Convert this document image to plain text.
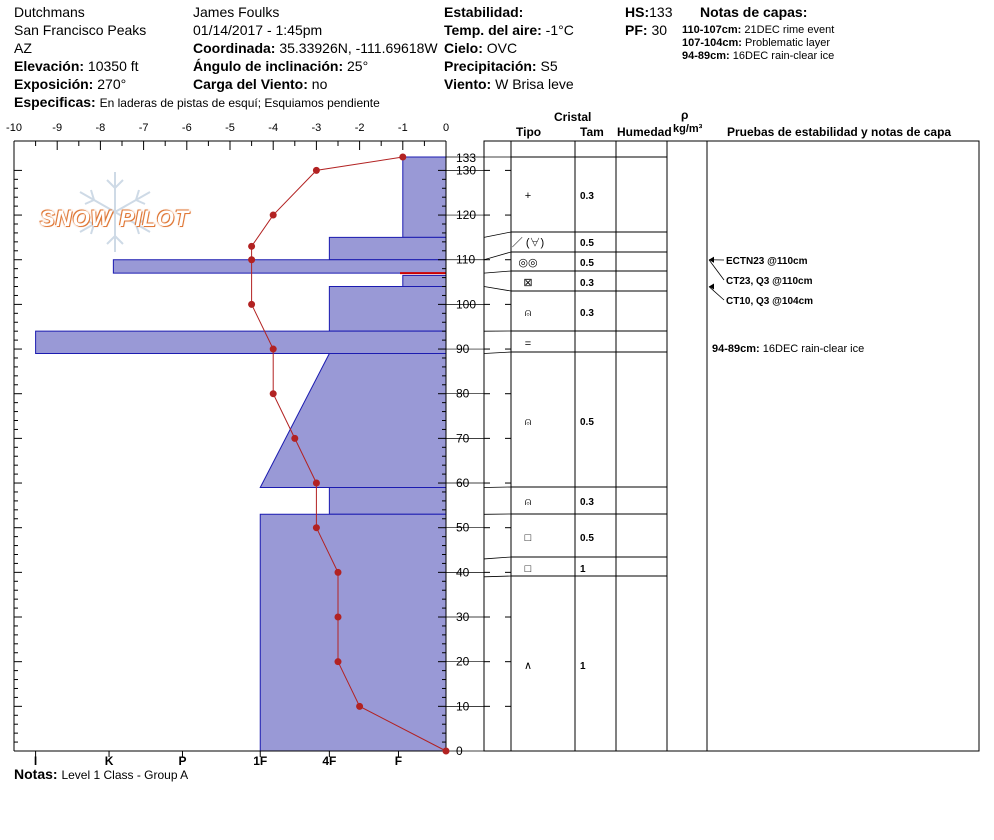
Dutchmans
San Francisco Peaks
AZ
Elevación: 10350 ft
Exposición: 270°
Especificas: En laderas de pistas de esquí; Esquiamos pendiente
James Foulks
01/14/2017 - 1:45pm
Coordinada: 35.33926N, -111.69618W
Ángulo de inclinación: 25°
Carga del Viento: no
Estabilidad:
Temp. del aire: -1°C
Cielo: OVC
Precipitación: S5
Viento: W Brisa leve
HS:133
PF: 30
Notas de capas:
110-107cm: 21DEC rime event
107-104cm: Problematic layer
94-89cm: 16DEC rain-clear ice
-10	-9	-8	-7	-6	-5	-4	-3	-2	-1	0
0
10
20
30
40
50
60
70
80
90
100
110
120
130
133
I	K	P	1F	4F	F
+	0.3
／ (∀)	0.5
◎◎	0.5
⊠	0.3
⍝	0.3
=
⍝	0.5
⍝	0.3
□	0.5
□	1
∧	1
ECTN23 @110cm
CT23, Q3 @110cm
CT10, Q3 @104cm
94-89cm: 16DEC rain-clear ice
SNOW PILOT
Cristal
Tipo	Tam Humedad
ρ
kg/m³ Pruebas de estabilidad y notas de capa
Notas: Level 1 Class - Group A
